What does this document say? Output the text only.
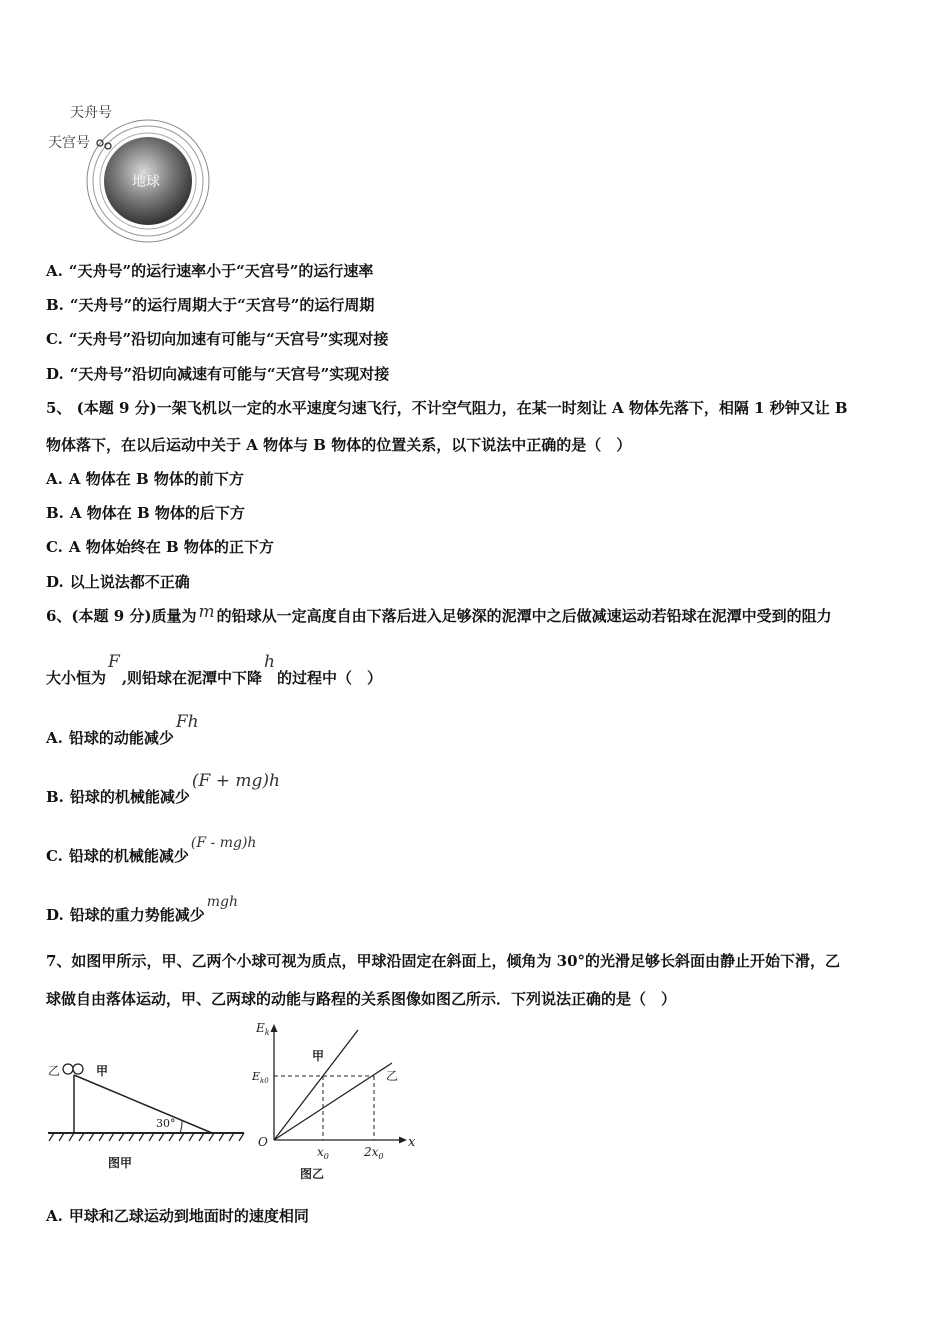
地球
天舟号
天宫号
A. “天舟号”的运行速率小于“天宫号”的运行速率
B. “天舟号”的运行周期大于“天宫号”的运行周期
C. “天舟号”沿切向加速有可能与“天宫号”实现对接
D. “天舟号”沿切向减速有可能与“天宫号”实现对接
5、 (本题 9 分)一架飞机以一定的水平速度匀速飞行，不计空气阻力，在某一时刻让 A 物体先落下，相隔 1 秒钟又让 B
物体落下，在以后运动中关于 A 物体与 B 物体的位置关系，以下说法中正确的是（　）
A. A 物体在 B 物体的前下方
B. A 物体在 B 物体的后下方
C. A 物体始终在 B 物体的正下方
D. 以上说法都不正确
6、(本题 9 分)质量为 m 的铅球从一定高度自由下落后进入足够深的泥潭中之后做减速运动若铅球在泥潭中受到的阻力
大小恒为F,则铅球在泥潭中下降h的过程中（　）
A. 铅球的动能减少Fh
B. 铅球的机械能减少(F + mg)h
C. 铅球的机械能减少(F - mg)h
D. 铅球的重力势能减少mgh
7、如图甲所示，甲、乙两个小球可视为质点，甲球沿固定在斜面上，倾角为 30°的光滑足够长斜面由静止开始下滑，乙
球做自由落体运动，甲、乙两球的动能与路程的关系图像如图乙所示．下列说法正确的是（　）
乙	甲
30°
图甲
$E_k$
$E_{k0}$
O	x
$x_0$	$2x_0$
甲
乙
图乙
A. 甲球和乙球运动到地面时的速度相同
